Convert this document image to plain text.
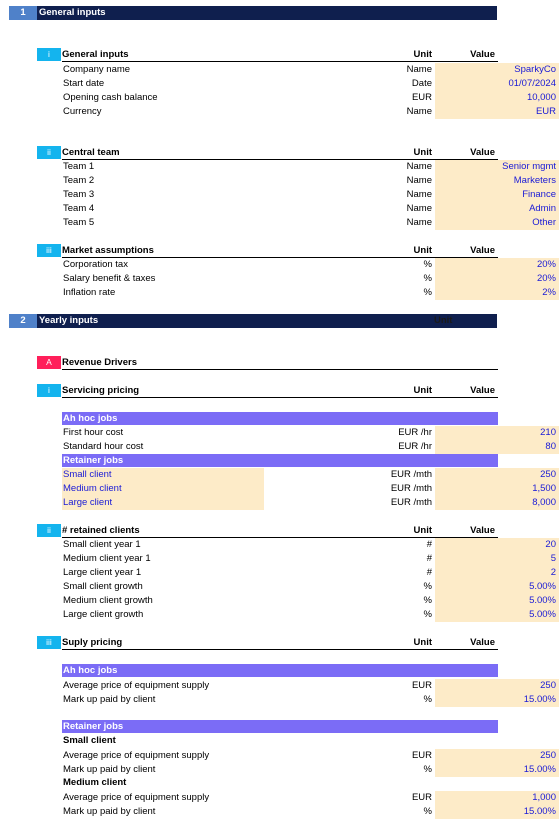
1	General inputs
i	General inputs	Unit	Value
Company name	Name	SparkyCo
Start date	Date	01/07/2024
Opening cash balance	EUR	10,000
Currency	Name	EUR
ii	Central team	Unit	Value
Team 1	Name	Senior mgmt
Team 2	Name	Marketers
Team 3	Name	Finance
Team 4	Name	Admin
Team 5	Name	Other
iii	Market assumptions	Unit	Value
Corporation tax	%	20%
Salary benefit & taxes	%	20%
Inflation rate	%	2%
2	Yearly inputs	Unit
A	Revenue Drivers
i	Servicing pricing	Unit	Value
Ah hoc jobs
First hour cost	EUR /hr	210
Standard hour cost	EUR /hr	80
Retainer jobs
Small client	EUR /mth	250
Medium client	EUR /mth	1,500
Large client	EUR /mth	8,000
ii	# retained clients	Unit	Value
Small client year 1	#	20
Medium client year 1	#	5
Large client year 1	#	2
Small client growth	%	5.00%
Medium client growth	%	5.00%
Large client growth	%	5.00%
iii	Suply pricing	Unit	Value
Ah hoc jobs
Average price of equipment supply	EUR	250
Mark up paid by client	%	15.00%
Retainer jobs
Small client
Average price of equipment supply	EUR	250
Mark up paid by client	%	15.00%
Medium client
Average price of equipment supply	EUR	1,000
Mark up paid by client	%	15.00%
